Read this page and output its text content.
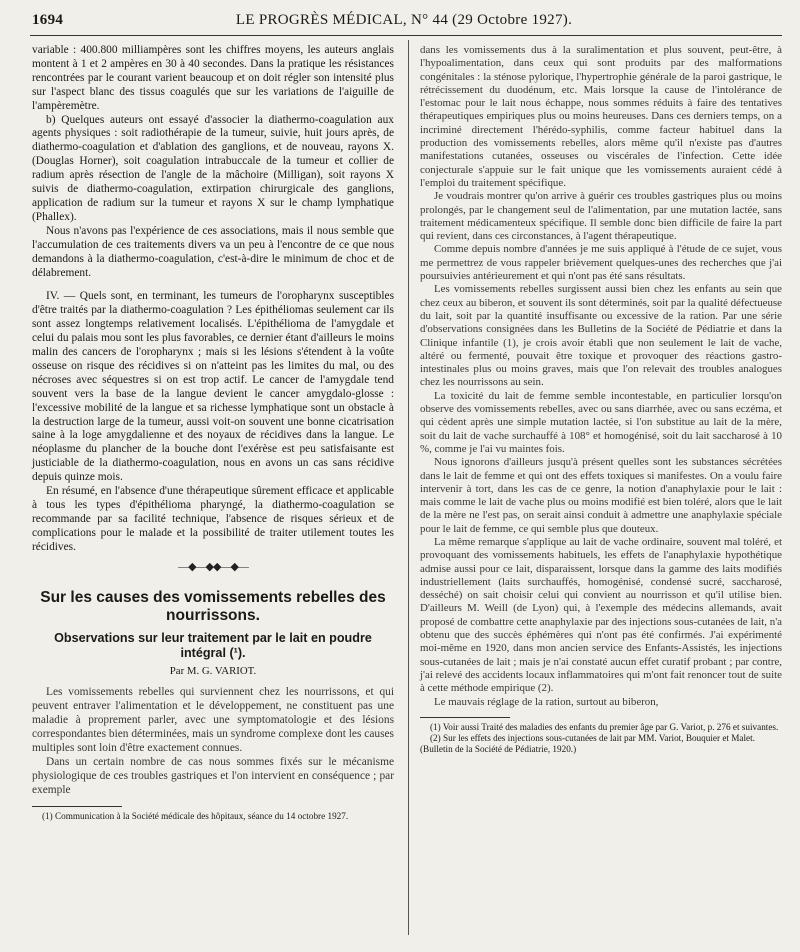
1694	LE PROGRÈS MÉDICAL, N° 44 (29 Octobre 1927).

variable : 400.800 milliampères sont les chiffres moyens, les auteurs anglais montent à 1 et 2 ampères en 30 à 40 secondes. Dans la pratique les résistances rencontrées par le courant varient beaucoup et on doit régler son intensité plus sur l'aspect blanc des tissus coagulés que sur les variations de l'aiguille de l'ampèremètre.

b) Quelques auteurs ont essayé d'associer la diathermo-coagulation aux agents physiques : soit radiothérapie de la tumeur, suivie, huit jours après, de diathermo-coagulation et d'ablation des ganglions, et de nouveau, rayons X. (Douglas Horner), soit coagulation intrabuccale de la tumeur et collier de radium après résection de l'angle de la mâchoire (Milligan), soit rayons X suivis de diathermo-coagulation, extirpation chirurgicale des ganglions, application de radium sur la tumeur et rayons X sur le champ lymphatique (Phallex).

Nous n'avons pas l'expérience de ces associations, mais il nous semble que l'accumulation de ces traitements divers va un peu à l'encontre de ce que nous demandons à la diathermo-coagulation, c'est-à-dire le minimum de choc et de délabrement.

IV. — Quels sont, en terminant, les tumeurs de l'oropharynx susceptibles d'être traités par la diathermo-coagulation ? Les épithéliomas seulement car ils sont assez longtemps relativement localisés. L'épithélioma de l'amygdale et celui du palais mou sont les plus favorables, ce dernier étant d'ailleurs le moins malin des cancers de l'oropharynx ; mais si les lésions s'étendent à la voûte osseuse on risque des récidives si on n'atteint pas les limites du mal, ou des nécroses avec séquestres si on est trop actif. Le cancer de l'amygdale tend souvent vers la base de la langue devient le cancer amygdalo-glosse : l'excessive mobilité de la langue et sa richesse lymphatique sont un obstacle à la destruction large de la tumeur, aussi voit-on souvent une bonne cicatrisation saine à la loge amygdalienne et des noyaux de récidives dans la langue. Le néoplasme du plancher de la bouche dont l'exérèse est peu satisfaisante est justiciable de la diathermo-coagulation, nous en avons un cas sans récidive depuis quinze mois.

En résumé, en l'absence d'une thérapeutique sûrement efficace et applicable à tous les types d'épithélioma pharyngé, la diathermo-coagulation se recommande par sa facilité technique, l'absence de risques sérieux et de complications pour le malade et la possibilité de traiter utilement toutes les récidives.

—◆—◆◆—◆—
Sur les causes des vomissements rebelles des nourrissons.
Observations sur leur traitement par le lait en poudre intégral (¹).
Par M. G. VARIOT.

Les vomissements rebelles qui surviennent chez les nourrissons, et qui peuvent entraver l'alimentation et le développement, ne constituent pas une maladie à proprement parler, avec une symptomatologie et des lésions correspondantes bien déterminées, mais un syndrome complexe dont les causes multiples sont loin d'être exactement connues.

Dans un certain nombre de cas nous sommes fixés sur le mécanisme physiologique de ces troubles gastriques et l'on intervient en conséquence ; par exemple

(1) Communication à la Société médicale des hôpitaux, séance du 14 octobre 1927.

dans les vomissements dus à la suralimentation et plus souvent, peut-être, à l'hypoalimentation, dans ceux qui sont produits par des malformations congénitales : la sténose pylorique, l'hypertrophie générale de la paroi gastrique, le rétrécissement du duodénum, etc. Mais lorsque la cause de l'intolérance de l'estomac pour le lait nous échappe, nous sommes réduits à faire des tentatives thérapeutiques empiriques plus ou moins heureuses. Dans ces derniers temps, on a incriminé directement l'hérédo-syphilis, comme facteur habituel dans la production des vomissements rebelles, alors même qu'il n'existe pas d'autres manifestations cutanées, osseuses ou viscérales de l'infection. Cette idée conjecturale s'appuie sur le fait unique que les vomissements auraient cédé à l'emploi du traitement spécifique.

Je voudrais montrer qu'on arrive à guérir ces troubles gastriques plus ou moins prolongés, par le changement seul de l'alimentation, par une mutation lactée, sans traitement médicamenteux spécifique. Il semble donc bien difficile de faire la part qui revient, dans ces circonstances, à l'agent thérapeutique.

Comme depuis nombre d'années je me suis appliqué à l'étude de ce sujet, vous me permettrez de vous rappeler brièvement quelques-unes des recherches que j'ai poursuivies antérieurement et qui n'ont pas été sans résultats.

Les vomissements rebelles surgissent aussi bien chez les enfants au sein que chez ceux au biberon, et souvent ils sont déterminés, soit par la qualité défectueuse du lait, soit par la quantité insuffisante ou excessive de la ration. Par une série d'observations consignées dans les Bulletins de la Société de Pédiatrie et dans la Clinique infantile (1), je crois avoir établi que non seulement le lait de vache, altéré ou fermenté, pouvait être toxique et provoquer des réactions gastro-intestinales plus ou moins graves, mais que l'on relevait des troubles analogues chez les nourrissons au sein.

La toxicité du lait de femme semble incontestable, en particulier lorsqu'on observe des vomissements rebelles, avec ou sans diarrhée, avec ou sans eczéma, et qui cèdent après une simple mutation lactée, si l'on substitue au lait de la mère, soit du lait de vache surchauffé à 108° et homogénisé, soit du lait saccharosé à 10 %, comme je l'ai vu maintes fois.

Nous ignorons d'ailleurs jusqu'à présent quelles sont les substances sécrétées dans le lait de femme et qui ont des effets toxiques si manifestes. On a voulu faire intervenir à tort, dans les cas de ce genre, la notion d'anaphylaxie pour le lait : mais comme le lait de vache plus ou moins modifié est bien toléré, alors que le lait de la mère ne l'est pas, on serait ainsi conduit à admettre une anaphylaxie spéciale pour le lait de femme, ce qui semble plus que douteux.

La même remarque s'applique au lait de vache ordinaire, souvent mal toléré, et provoquant des vomissements habituels, les effets de l'anaphylaxie hypothétique admise aussi pour ce lait, disparaissent, lorsque dans la gamme des laits modifiés industriellement (laits surchauffés, homogénisé, condensé sucré, saccharosé, desséché) on sait choisir celui qui convient au nourrisson et qu'il utilise bien. D'ailleurs M. Weill (de Lyon) qui, à l'exemple des médecins allemands, avait proposé de combattre cette anaphylaxie par des injections sous-cutanées de lait, n'a obtenu que des succès éphémères qui n'ont pas été confirmés. J'ai expérimenté moi-même en 1920, dans mon ancien service des Enfants-Assistés, les injections sous-cutanées de lait ; mais je n'ai constaté aucun effet curatif probant ; par contre, j'ai relevé des accidents locaux inflammatoires qui m'ont fait renoncer tout de suite à cette méthode empirique (2).

Le mauvais réglage de la ration, surtout au biberon,

(1) Voir aussi Traité des maladies des enfants du premier âge par G. Variot, p. 276 et suivantes.
(2) Sur les effets des injections sous-cutanées de lait par MM. Variot, Bouquier et Malet. (Bulletin de la Société de Pédiatrie, 1920.)
